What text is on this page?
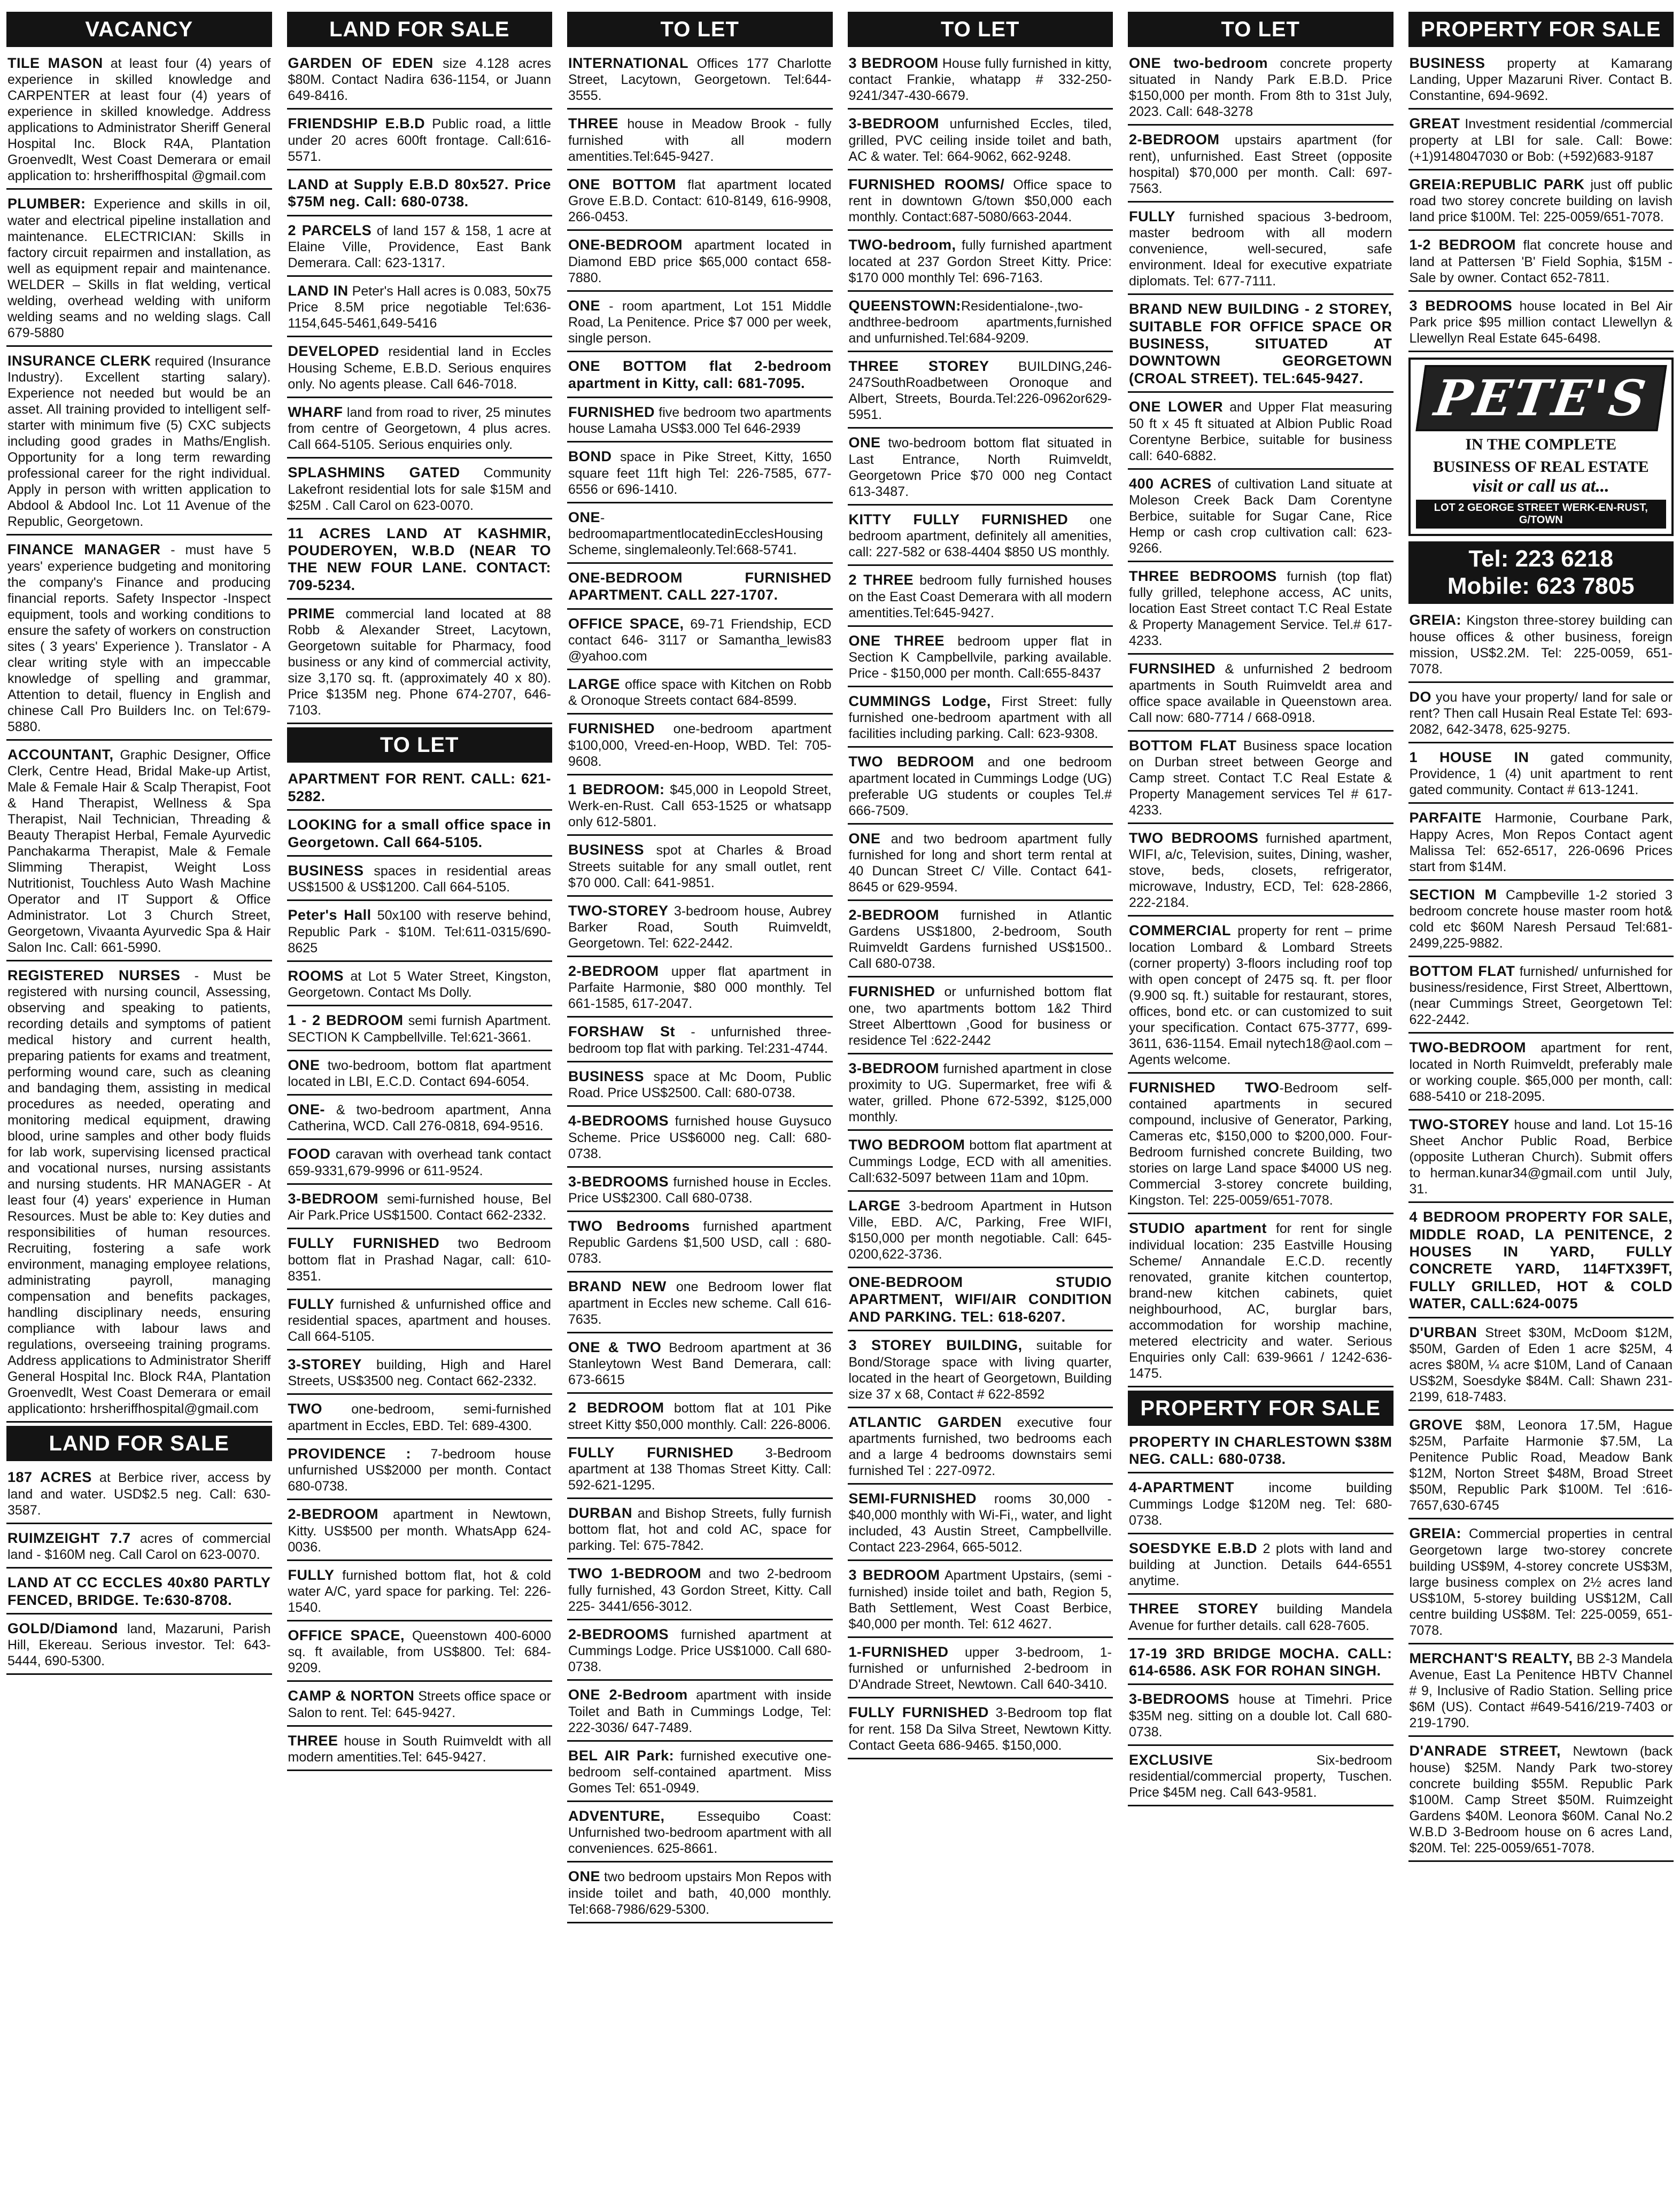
VACANCY
TILE MASON at least four (4) years of experience in skilled knowledge and CARPENTER at least four (4) years of experience in skilled knowledge. Address applications to Administrator Sheriff General Hospital Inc. Block R4A, Plantation Groenvedlt, West Coast Demerara or email application to: hrsheriffhospital @gmail.com
PLUMBER: Experience and skills in oil, water and electrical pipeline installation and maintenance. ELECTRICIAN: Skills in factory circuit repairmen and installation, as well as equipment repair and maintenance. WELDER – Skills in flat welding, vertical welding, overhead welding with uniform welding seams and no welding slags. Call 679-5880
INSURANCE CLERK required (Insurance Industry). Excellent starting salary). Experience not needed but would be an asset. All training provided to intelligent self-starter with minimum five (5) CXC subjects including good grades in Maths/English. Opportunity for a long term rewarding professional career for the right individual. Apply in person with written application to Abdool & Abdool Inc. Lot 11 Avenue of the Republic, Georgetown.
FINANCE MANAGER - must have 5 years' experience budgeting and monitoring the company's Finance and producing financial reports. Safety Inspector -Inspect equipment, tools and working conditions to ensure the safety of workers on construction sites ( 3 years' Experience ). Translator - A clear writing style with an impeccable knowledge of spelling and grammar, Attention to detail, fluency in English and chinese Call Pro Builders Inc. on Tel:679-5880.
ACCOUNTANT, Graphic Designer, Office Clerk, Centre Head, Bridal Make-up Artist, Male & Female Hair & Scalp Therapist, Foot & Hand Therapist, Wellness & Spa Therapist, Nail Technician, Threading & Beauty Therapist Herbal, Female Ayurvedic Panchakarma Therapist, Male & Female Slimming Therapist, Weight Loss Nutritionist, Touchless Auto Wash Machine Operator and IT Support & Office Administrator. Lot 3 Church Street, Georgetown, Vivaanta Ayurvedic Spa & Hair Salon Inc. Call: 661-5990.
REGISTERED NURSES - Must be registered with nursing council, Assessing, observing and speaking to patients, recording details and symptoms of patient medical history and current health, preparing patients for exams and treatment, performing wound care, such as cleaning and bandaging them, assisting in medical procedures as needed, operating and monitoring medical equipment, drawing blood, urine samples and other body fluids for lab work, supervising licensed practical and vocational nurses, nursing assistants and nursing students. HR MANAGER - At least four (4) years' experience in Human Resources. Must be able to: Key duties and responsibilities of human resources. Recruiting, fostering a safe work environment, managing employee relations, administrating payroll, managing compensation and benefits packages, handling disciplinary needs, ensuring compliance with labour laws and regulations, overseeing training programs. Address applications to Administrator Sheriff General Hospital Inc. Block R4A, Plantation Groenvedlt, West Coast Demerara or email applicationto: hrsheriffhospital@gmail.com
LAND FOR SALE
187 ACRES at Berbice river, access by land and water. USD$2.5 neg. Call: 630-3587.
RUIMZEIGHT 7.7 acres of commercial land - $160M neg. Call Carol on 623-0070.
LAND AT CC ECCLES 40x80 PARTLY FENCED, BRIDGE. Te:630-8708.
GOLD/Diamond land, Mazaruni, Parish Hill, Ekereau. Serious investor. Tel: 643-5444, 690-5300.
LAND FOR SALE
GARDEN OF EDEN size 4.128 acres $80M. Contact Nadira 636-1154, or Juann 649-8416.
FRIENDSHIP E.B.D Public road, a little under 20 acres 600ft frontage. Call:616-5571.
LAND at Supply E.B.D 80x527. Price $75M neg. Call: 680-0738.
2 PARCELS of land 157 & 158, 1 acre at Elaine Ville, Providence, East Bank Demerara. Call: 623-1317.
LAND IN Peter's Hall acres is 0.083, 50x75 Price 8.5M price negotiable Tel:636-1154,645-5461,649-5416
DEVELOPED residential land in Eccles Housing Scheme, E.B.D. Serious enquires only. No agents please. Call 646-7018.
WHARF land from road to river, 25 minutes from centre of Georgetown, 4 plus acres. Call 664-5105. Serious enquiries only.
SPLASHMINS GATED Community Lakefront residential lots for sale $15M and $25M . Call Carol on 623-0070.
11 ACRES LAND AT KASHMIR, POUDEROYEN, W.B.D (NEAR TO THE NEW FOUR LANE. CONTACT: 709-5234.
PRIME commercial land located at 88 Robb & Alexander Street, Lacytown, Georgetown suitable for Pharmacy, food business or any kind of commercial activity, size 3,170 sq. ft. (approximately 40 x 80). Price $135M neg. Phone 674-2707, 646-7103.
TO LET
APARTMENT FOR RENT. CALL: 621-5282.
LOOKING for a small office space in Georgetown. Call 664-5105.
BUSINESS spaces in residential areas US$1500 & US$1200. Call 664-5105.
Peter's Hall 50x100 with reserve behind, Republic Park - $10M. Tel:611-0315/690-8625
ROOMS at Lot 5 Water Street, Kingston, Georgetown. Contact Ms Dolly.
1 - 2 BEDROOM semi furnish Apartment. SECTION K Campbellville. Tel:621-3661.
ONE two-bedroom, bottom flat apartment located in LBI, E.C.D. Contact 694-6054.
ONE- & two-bedroom apartment, Anna Catherina, WCD. Call 276-0818, 694-9516.
FOOD caravan with overhead tank contact 659-9331,679-9996 or 611-9524.
3-BEDROOM semi-furnished house, Bel Air Park.Price US$1500. Contact 662-2332.
FULLY FURNISHED two Bedroom bottom flat in Prashad Nagar, call: 610-8351.
FULLY furnished & unfurnished office and residential spaces, apartment and houses. Call 664-5105.
3-STOREY building, High and Harel Streets, US$3500 neg. Contact 662-2332.
TWO one-bedroom, semi-furnished apartment in Eccles, EBD. Tel: 689-4300.
PROVIDENCE : 7-bedroom house unfurnished US$2000 per month. Contact 680-0738.
2-BEDROOM apartment in Newtown, Kitty. US$500 per month. WhatsApp 624-0036.
FULLY furnished bottom flat, hot & cold water A/C, yard space for parking. Tel: 226-1540.
OFFICE SPACE, Queenstown 400-6000 sq. ft available, from US$800. Tel: 684-9209.
CAMP & NORTON Streets office space or Salon to rent. Tel: 645-9427.
THREE house in South Ruimveldt with all modern amentities.Tel: 645-9427.
TO LET
INTERNATIONAL Offices 177 Charlotte Street, Lacytown, Georgetown. Tel:644-3555.
THREE house in Meadow Brook - fully furnished with all modern amentities.Tel:645-9427.
ONE BOTTOM flat apartment located Grove E.B.D. Contact: 610-8149, 616-9908, 266-0453.
ONE-BEDROOM apartment located in Diamond EBD price $65,000 contact 658-7880.
ONE - room apartment, Lot 151 Middle Road, La Penitence. Price $7 000 per week, single person.
ONE BOTTOM flat 2-bedroom apartment in Kitty, call: 681-7095.
FURNISHED five bedroom two apartments house Lamaha US$3.000 Tel 646-2939
BOND space in Pike Street, Kitty, 1650 square feet 11ft high Tel: 226-7585, 677-6556 or 696-1410.
ONE-bedroomapartmentlocatedinEcclesHousingScheme, singlemaleonly.Tel:668-5741.
ONE-BEDROOM FURNISHED APARTMENT. CALL 227-1707.
OFFICE SPACE, 69-71 Friendship, ECD contact 646- 3117 or Samantha_lewis83 @yahoo.com
LARGE office space with Kitchen on Robb & Oronoque Streets contact 684-8599.
FURNISHED one-bedroom apartment $100,000, Vreed-en-Hoop, WBD. Tel: 705-9608.
1 BEDROOM: $45,000 in Leopold Street, Werk-en-Rust. Call 653-1525 or whatsapp only 612-5801.
BUSINESS spot at Charles & Broad Streets suitable for any small outlet, rent $70 000. Call: 641-9851.
TWO-STOREY 3-bedroom house, Aubrey Barker Road, South Ruimveldt, Georgetown. Tel: 622-2442.
2-BEDROOM upper flat apartment in Parfaite Harmonie, $80 000 monthly. Tel 661-1585, 617-2047.
FORSHAW St - unfurnished three-bedroom top flat with parking. Tel:231-4744.
BUSINESS space at Mc Doom, Public Road. Price US$2500. Call: 680-0738.
4-BEDROOMS furnished house Guysuco Scheme. Price US$6000 neg. Call: 680-0738.
3-BEDROOMS furnished house in Eccles. Price US$2300. Call 680-0738.
TWO Bedrooms furnished apartment Republic Gardens $1,500 USD, call : 680-0783.
BRAND NEW one Bedroom lower flat apartment in Eccles new scheme. Call 616-7635.
ONE & TWO Bedroom apartment at 36 Stanleytown West Band Demerara, call: 673-6615
2 BEDROOM bottom flat at 101 Pike street Kitty $50,000 monthly. Call: 226-8006.
FULLY FURNISHED 3-Bedroom apartment at 138 Thomas Street Kitty. Call: 592-621-1295.
DURBAN and Bishop Streets, fully furnish bottom flat, hot and cold AC, space for parking. Tel: 675-7842.
TWO 1-BEDROOM and two 2-bedroom fully furnished, 43 Gordon Street, Kitty. Call 225- 3441/656-3012.
2-BEDROOMS furnished apartment at Cummings Lodge. Price US$1000. Call 680-0738.
ONE 2-Bedroom apartment with inside Toilet and Bath in Cummings Lodge, Tel: 222-3036/ 647-7489.
BEL AIR Park: furnished executive one-bedroom self-contained apartment. Miss Gomes Tel: 651-0949.
ADVENTURE, Essequibo Coast: Unfurnished two-bedroom apartment with all conveniences. 625-8661.
ONE two bedroom upstairs Mon Repos with inside toilet and bath, 40,000 monthly. Tel:668-7986/629-5300.
TO LET
3 BEDROOM House fully furnished in kitty, contact Frankie, whatapp # 332-250-9241/347-430-6679.
3-BEDROOM unfurnished Eccles, tiled, grilled, PVC ceiling inside toilet and bath, AC & water. Tel: 664-9062, 662-9248.
FURNISHED ROOMS/ Office space to rent in downtown G/town $50,000 each monthly. Contact:687-5080/663-2044.
TWO-bedroom, fully furnished apartment located at 237 Gordon Street Kitty. Price: $170 000 monthly Tel: 696-7163.
QUEENSTOWN:Residentialone-,two-andthree-bedroom apartments,furnished and unfurnished.Tel:684-9209.
THREE STOREY BUILDING,246-247SouthRoadbetween Oronoque and Albert, Streets, Bourda.Tel:226-0962or629-5951.
ONE two-bedroom bottom flat situated in Last Entrance, North Ruimveldt, Georgetown Price $70 000 neg Contact 613-3487.
KITTY FULLY FURNISHED one bedroom apartment, definitely all amenities, call: 227-582 or 638-4404 $850 US monthly.
2 THREE bedroom fully furnished houses on the East Coast Demerara with all modern amentities.Tel:645-9427.
ONE THREE bedroom upper flat in Section K Campbellvile, parking available. Price - $150,000 per month. Call:655-8437
CUMMINGS Lodge, First Street: fully furnished one-bedroom apartment with all facilities including parking. Call: 623-9308.
TWO BEDROOM and one bedroom apartment located in Cummings Lodge (UG) preferable UG students or couples Tel.# 666-7509.
ONE and two bedroom apartment fully furnished for long and short term rental at 40 Duncan Street C/ Ville. Contact 641-8645 or 629-9594.
2-BEDROOM furnished in Atlantic Gardens US$1800, 2-bedroom, South Ruimveldt Gardens furnished US$1500.. Call 680-0738.
FURNISHED or unfurnished bottom flat one, two apartments bottom 1&2 Third Street Alberttown ,Good for business or residence Tel :622-2442
3-BEDROOM furnished apartment in close proximity to UG. Supermarket, free wifi & water, grilled. Phone 672-5392, $125,000 monthly.
TWO BEDROOM bottom flat apartment at Cummings Lodge, ECD with all amenities. Call:632-5097 between 11am and 10pm.
LARGE 3-bedroom Apartment in Hutson Ville, EBD. A/C, Parking, Free WIFI, $150,000 per month negotiable. Call: 645-0200,622-3736.
ONE-BEDROOM STUDIO APARTMENT, WIFI/AIR CONDITION AND PARKING. TEL: 618-6207.
3 STOREY BUILDING, suitable for Bond/Storage space with living quarter, located in the heart of Georgetown, Building size 37 x 68, Contact # 622-8592
ATLANTIC GARDEN executive four apartments furnished, two bedrooms each and a large 4 bedrooms downstairs semi furnished Tel : 227-0972.
SEMI-FURNISHED rooms 30,000 - $40,000 monthly with Wi-Fi,, water, and light included, 43 Austin Street, Campbellville. Contact 223-2964, 665-5012.
3 BEDROOM Apartment Upstairs, (semi - furnished) inside toilet and bath, Region 5, Bath Settlement, West Coast Berbice, $40,000 per month. Tel: 612 4627.
1-FURNISHED upper 3-bedroom, 1-furnished or unfurnished 2-bedroom in D'Andrade Street, Newtown. Call 640-3410.
FULLY FURNISHED 3-Bedroom top flat for rent. 158 Da Silva Street, Newtown Kitty. Contact Geeta 686-9465. $150,000.
TO LET
ONE two-bedroom concrete property situated in Nandy Park E.B.D. Price $150,000 per month. From 8th to 31st July, 2023. Call: 648-3278
2-BEDROOM upstairs apartment (for rent), unfurnished. East Street (opposite hospital) $70,000 per month. Call: 697-7563.
FULLY furnished spacious 3-bedroom, master bedroom with all modern convenience, well-secured, safe environment. Ideal for executive expatriate diplomats. Tel: 677-7111.
BRAND NEW BUILDING - 2 STOREY, SUITABLE FOR OFFICE SPACE OR BUSINESS, SITUATED AT DOWNTOWN GEORGETOWN (CROAL STREET). TEL:645-9427.
ONE LOWER and Upper Flat measuring 50 ft x 45 ft situated at Albion Public Road Corentyne Berbice, suitable for business call: 640-6882.
400 ACRES of cultivation Land situate at Moleson Creek Back Dam Corentyne Berbice, suitable for Sugar Cane, Rice Hemp or cash crop cultivation call: 623-9266.
THREE BEDROOMS furnish (top flat) fully grilled, telephone access, AC units, location East Street contact T.C Real Estate & Property Management Service. Tel.# 617-4233.
FURNSIHED & unfurnished 2 bedroom apartments in South Ruimveldt area and office space available in Queenstown area. Call now: 680-7714 / 668-0918.
BOTTOM FLAT Business space location on Durban street between George and Camp street. Contact T.C Real Estate & Property Management services Tel # 617-4233.
TWO BEDROOMS furnished apartment, WIFI, a/c, Television, suites, Dining, washer, stove, beds, closets, refrigerator, microwave, Industry, ECD, Tel: 628-2866, 222-2184.
COMMERCIAL property for rent – prime location Lombard & Lombard Streets (corner property) 3-floors including roof top with open concept of 2475 sq. ft. per floor (9.900 sq. ft.) suitable for restaurant, stores, offices, bond etc. or can customized to suit your specification. Contact 675-3777, 699-3611, 636-1154. Email nytech18@aol.com – Agents welcome.
FURNISHED TWO-Bedroom self-contained apartments in secured compound, inclusive of Generator, Parking, Cameras etc, $150,000 to $200,000. Four-Bedroom furnished concrete Building, two stories on large Land space $4000 US neg. Commercial 3-storey concrete building, Kingston. Tel: 225-0059/651-7078.
STUDIO apartment for rent for single individual location: 235 Eastville Housing Scheme/ Annandale E.C.D. recently renovated, granite kitchen countertop, brand-new kitchen cabinets, quiet neighbourhood, AC, burglar bars, accommodation for worship machine, metered electricity and water. Serious Enquiries only Call: 639-9661 / 1242-636-1475.
PROPERTY FOR SALE
PROPERTY IN CHARLESTOWN $38M NEG. CALL: 680-0738.
4-APARTMENT income building Cummings Lodge $120M neg. Tel: 680-0738.
SOESDYKE E.B.D 2 plots with land and building at Junction. Details 644-6551 anytime.
THREE STOREY building Mandela Avenue for further details. call 628-7605.
17-19 3RD BRIDGE MOCHA. CALL: 614-6586. ASK FOR ROHAN SINGH.
3-BEDROOMS house at Timehri. Price $35M neg. sitting on a double lot. Call 680-0738.
EXCLUSIVE Six-bedroom residential/commercial property, Tuschen. Price $45M neg. Call 643-9581.
PROPERTY FOR SALE
BUSINESS property at Kamarang Landing, Upper Mazaruni River. Contact B. Constantine, 694-9692.
GREAT Investment residential /commercial property at LBI for sale. Call: Bowe: (+1)9148047030 or Bob: (+592)683-9187
GREIA:REPUBLIC PARK just off public road two storey concrete building on lavish land price $100M. Tel: 225-0059/651-7078.
1-2 BEDROOM flat concrete house and land at Pattersen 'B' Field Sophia, $15M - Sale by owner. Contact 652-7811.
3 BEDROOMS house located in Bel Air Park price $95 million contact Llewellyn & Llewellyn Real Estate 645-6498.
PETE'S
IN THE COMPLETE
BUSINESS OF REAL ESTATE
visit or call us at...
LOT 2 GEORGE STREET WERK-EN-RUST, G/TOWN
Tel: 223 6218
Mobile: 623 7805
GREIA: Kingston three-storey building can house offices & other business, foreign mission, US$2.2M. Tel: 225-0059, 651-7078.
DO you have your property/ land for sale or rent? Then call Husain Real Estate Tel: 693-2082, 642-3478, 625-9275.
1 HOUSE IN gated community, Providence, 1 (4) unit apartment to rent gated community. Contact # 613-1241.
PARFAITE Harmonie, Courbane Park, Happy Acres, Mon Repos Contact agent Malissa Tel: 652-6517, 226-0696 Prices start from $14M.
SECTION M Campbeville 1-2 storied 3 bedroom concrete house master room hot& cold etc $60M Naresh Persaud Tel:681-2499,225-9882.
BOTTOM FLAT furnished/ unfurnished for business/residence, First Street, Alberttown, (near Cummings Street, Georgetown Tel: 622-2442.
TWO-BEDROOM apartment for rent, located in North Ruimveldt, preferably male or working couple. $65,000 per month, call: 688-5410 or 218-2095.
TWO-STOREY house and land. Lot 15-16 Sheet Anchor Public Road, Berbice (opposite Lutheran Church). Submit offers to herman.kunar34@gmail.com until July, 31.
4 BEDROOM PROPERTY FOR SALE, MIDDLE ROAD, LA PENITENCE, 2 HOUSES IN YARD, FULLY CONCRETE YARD, 114FTX39FT, FULLY GRILLED, HOT & COLD WATER, CALL:624-0075
D'URBAN Street $30M, McDoom $12M, $50M, Garden of Eden 1 acre $25M, 4 acres $80M, ¼ acre $10M, Land of Canaan US$2M, Soesdyke $84M. Call: Shawn 231-2199, 618-7483.
GROVE $8M, Leonora 17.5M, Hague $25M, Parfaite Harmonie $7.5M, La Penitence Public Road, Meadow Bank $12M, Norton Street $48M, Broad Street $50M, Republic Park $100M. Tel :616-7657,630-6745
GREIA: Commercial properties in central Georgetown large two-storey concrete building US$9M, 4-storey concrete US$3M, large business complex on 2½ acres land US$10M, 5-storey building US$12M, Call centre building US$8M. Tel: 225-0059, 651-7078.
MERCHANT'S REALTY, BB 2-3 Mandela Avenue, East La Penitence HBTV Channel # 9, Inclusive of Radio Station. Selling price $6M (US). Contact #649-5416/219-7403 or 219-1790.
D'ANRADE STREET, Newtown (back house) $25M. Nandy Park two-storey concrete building $55M. Republic Park $100M. Camp Street $50M. Ruimzeight Gardens $40M. Leonora $60M. Canal No.2 W.B.D 3-Bedroom house on 6 acres Land, $20M. Tel: 225-0059/651-7078.
